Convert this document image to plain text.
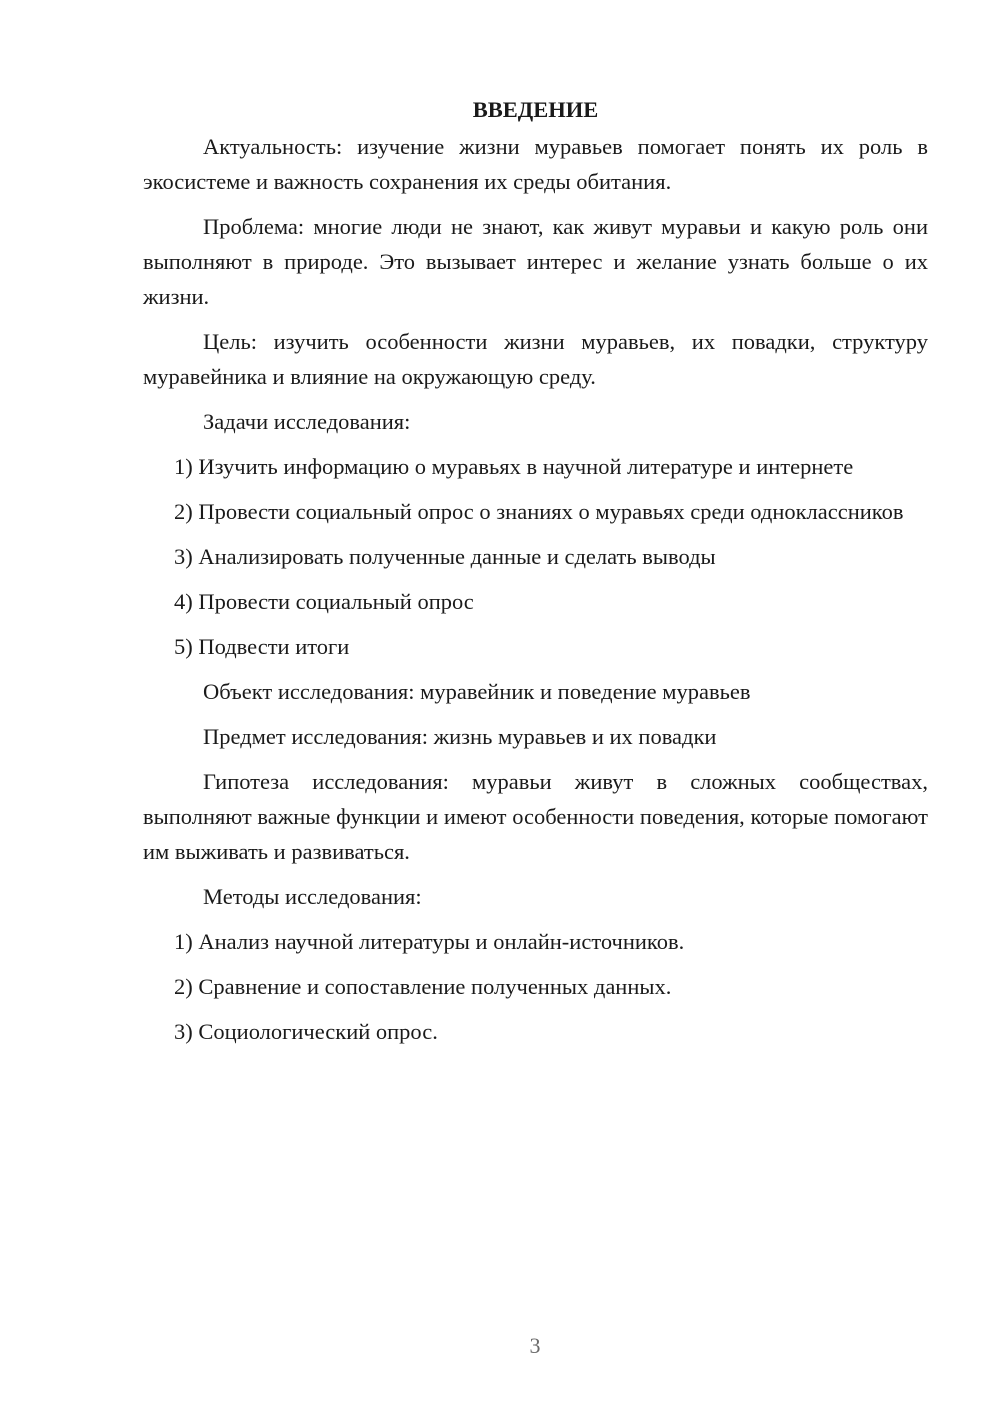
ВВЕДЕНИЕ

Актуальность: изучение жизни муравьев помогает понять их роль в экосистеме и важность сохранения их среды обитания.

Проблема: многие люди не знают, как живут муравьи и какую роль они выполняют в природе. Это вызывает интерес и желание узнать больше о их жизни.

Цель: изучить особенности жизни муравьев, их повадки, структуру муравейника и влияние на окружающую среду.

Задачи исследования:

1) Изучить информацию о муравьях в научной литературе и интернете

2) Провести социальный опрос о знаниях о муравьях среди одноклассников

3) Анализировать полученные данные и сделать выводы

4) Провести социальный опрос

5) Подвести итоги

Объект исследования: муравейник и поведение муравьев

Предмет исследования: жизнь муравьев и их повадки

Гипотеза исследования: муравьи живут в сложных сообществах, выполняют важные функции и имеют особенности поведения, которые помогают им выживать и развиваться.

Методы исследования:

1) Анализ научной литературы и онлайн-источников.

2) Сравнение и сопоставление полученных данных.

3) Социологический опрос.

3
